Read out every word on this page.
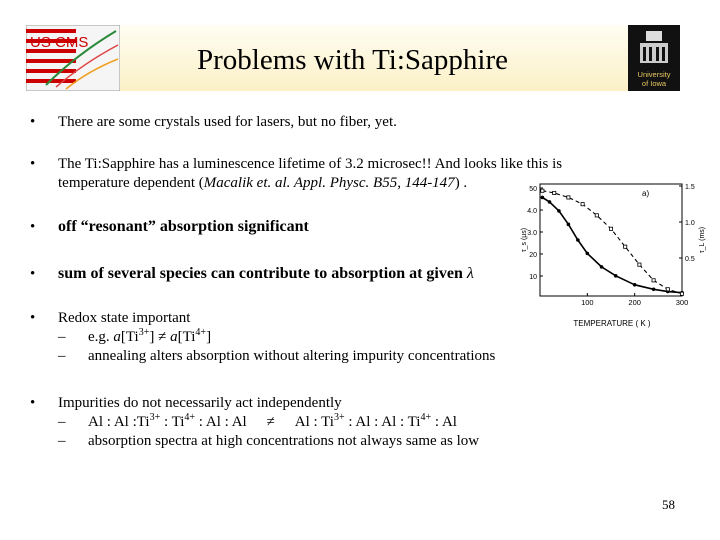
Problems with Ti:Sapphire
US CMS
University
of Iowa
• There are some crystals used for lasers, but no fiber, yet.
• The Ti:Sapphire has a luminescence lifetime of 3.2 microsec!! And looks like this is
temperature dependent (Macalik et. al. Appl. Physc. B55, 144-147) .
• off “resonant” absorption significant
• sum of several species can contribute to absorption at given λ
• Redox state important
– e.g. $a[Ti^{3+}] \ne a[Ti^{4+}]$
– annealing alters absorption without altering impurity concentrations
• Impurities do not necessarily act independently
– Al : Al $:Ti^{3+}$ : $Ti^{4+}$ : Al : Al ≠ Al : $Ti^{3+}$ : Al : Al : $Ti^{4+}$ : Al
– absorption spectra at high concentrations not always same as low
TEMPERATURE ( K )
τ_s (μs)	τ_L (ms)
a)
100	200	300
50
4.0
3.0
20
10
1.5
1.0
0.5
58
